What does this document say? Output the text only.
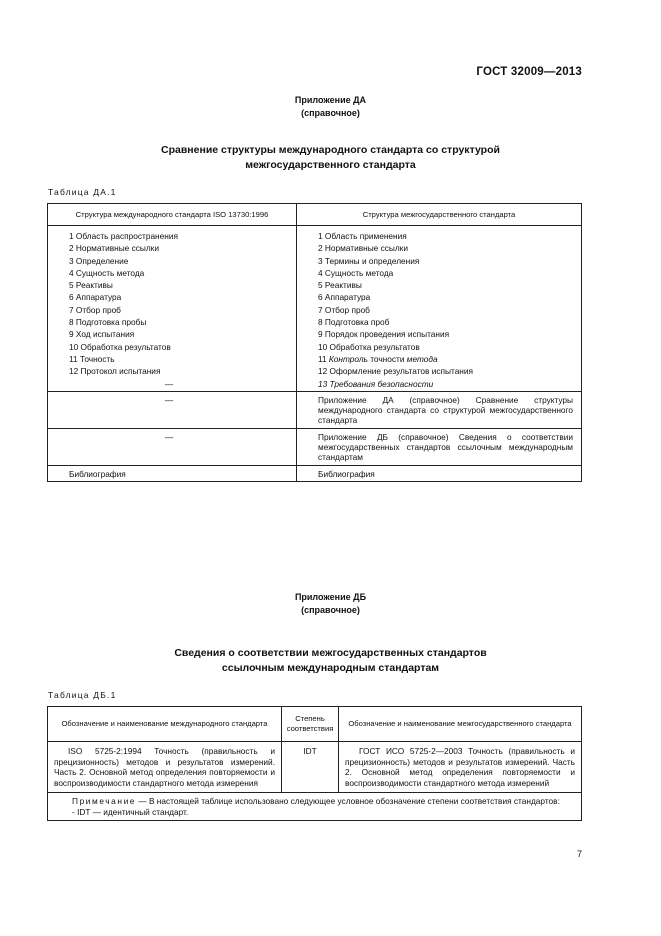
ГОСТ 32009—2013
Приложение ДА
(справочное)
Сравнение структуры международного стандарта со структурой
межгосударственного стандарта
Таблица ДА.1
Структура международного стандарта ISO 13730:1996	Структура межгосударственного стандарта
1 Область распространения	1 Область применения
2 Нормативные ссылки	2 Нормативные ссылки
3 Определение	3 Термины и определения
4 Сущность метода	4 Сущность метода
5 Реактивы	5 Реактивы
6 Аппаратура	6 Аппаратура
7 Отбор проб	7 Отбор проб
8 Подготовка пробы	8 Подготовка проб
9 Ход испытания	9 Порядок проведения испытания
10 Обработка результатов	10 Обработка результатов
11 Точность	11 Контроль точности метода
12 Протокол испытания	12 Оформление результатов испытания
—	13 Требования безопасности
—	Приложение ДА (справочное) Сравнение структуры международного стандарта со структурой межгосударственного стандарта
—	Приложение ДБ (справочное) Сведения о соответствии межгосударственных стандартов ссылочным международным стандартам
Библиография	Библиография
Приложение ДБ
(справочное)
Сведения о соответствии межгосударственных стандартов
ссылочным международным стандартам
Таблица ДБ.1
Обозначение и наименование международного стандарта	Степень соответствия	Обозначение и наименование межгосударственного стандарта
ISO 5725-2:1994 Точность (правильность и прецизионность) методов и результатов измерений. Часть 2. Основной метод определения повторяемости и воспроизводимости стандартного метода измерения	IDT	ГОСТ ИСО 5725-2—2003 Точность (правильность и прецизионность) методов и результатов измерений. Часть 2. Основной метод определения повторяемости и воспроизводимости стандартного метода измерений

Примечание — В настоящей таблице использовано следующее условное обозначение степени соответствия стандартов:
- IDT — идентичный стандарт.		
7
